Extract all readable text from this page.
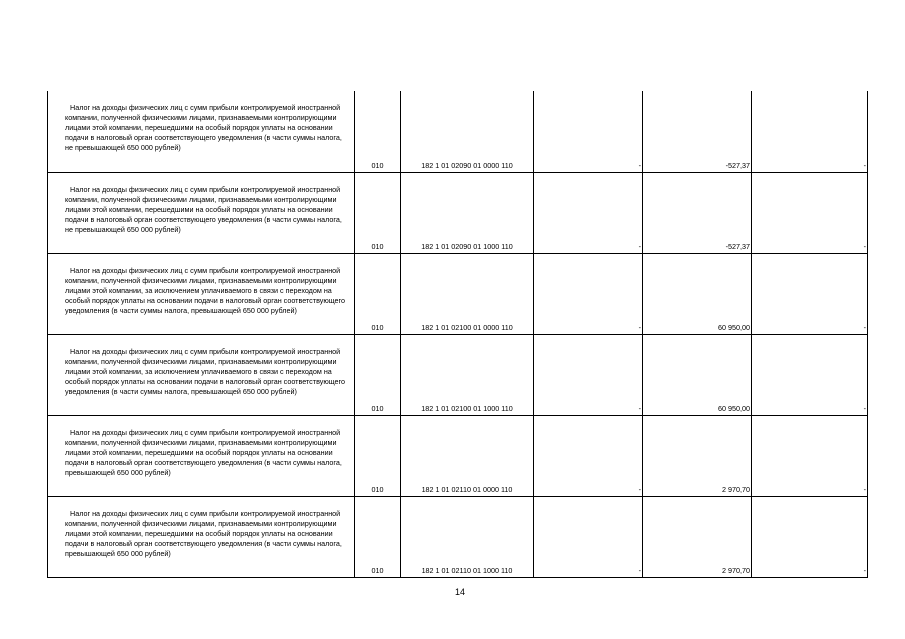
Налог на доходы физических лиц с сумм прибыли контролируемой иностранной компании, полученной физическими лицами, признаваемыми контролирующими лицами этой компании, перешедшими на особый порядок уплаты на основании подачи в налоговый орган соответствующего уведомления (в части суммы налога, не превышающей 650 000 рублей)	010	182 1 01 02090 01 0000 110	-	-527,37	-
Налог на доходы физических лиц с сумм прибыли контролируемой иностранной компании, полученной физическими лицами, признаваемыми контролирующими лицами этой компании, перешедшими на особый порядок уплаты на основании подачи в налоговый орган соответствующего уведомления (в части суммы налога, не превышающей 650 000 рублей)	010	182 1 01 02090 01 1000 110	-	-527,37	-
Налог на доходы физических лиц с сумм прибыли контролируемой иностранной компании, полученной физическими лицами, признаваемыми контролирующими лицами этой компании, за исключением уплачиваемого в связи с переходом на особый порядок уплаты на основании подачи в налоговый орган соответствующего уведомления (в части суммы налога, превышающей 650 000 рублей)	010	182 1 01 02100 01 0000 110	-	60 950,00	-
Налог на доходы физических лиц с сумм прибыли контролируемой иностранной компании, полученной физическими лицами, признаваемыми контролирующими лицами этой компании, за исключением уплачиваемого в связи с переходом на особый порядок уплаты на основании подачи в налоговый орган соответствующего уведомления (в части суммы налога, превышающей 650 000 рублей)	010	182 1 01 02100 01 1000 110	-	60 950,00	-
Налог на доходы физических лиц с сумм прибыли контролируемой иностранной компании, полученной физическими лицами, признаваемыми контролирующими лицами этой компании, перешедшими на особый порядок уплаты на основании подачи в налоговый орган соответствующего уведомления (в части суммы налога, превышающей 650 000 рублей)	010	182 1 01 02110 01 0000 110	-	2 970,70	-
Налог на доходы физических лиц с сумм прибыли контролируемой иностранной компании, полученной физическими лицами, признаваемыми контролирующими лицами этой компании, перешедшими на особый порядок уплаты на основании подачи в налоговый орган соответствующего уведомления (в части суммы налога, превышающей 650 000 рублей)	010	182 1 01 02110 01 1000 110	-	2 970,70	-
14
